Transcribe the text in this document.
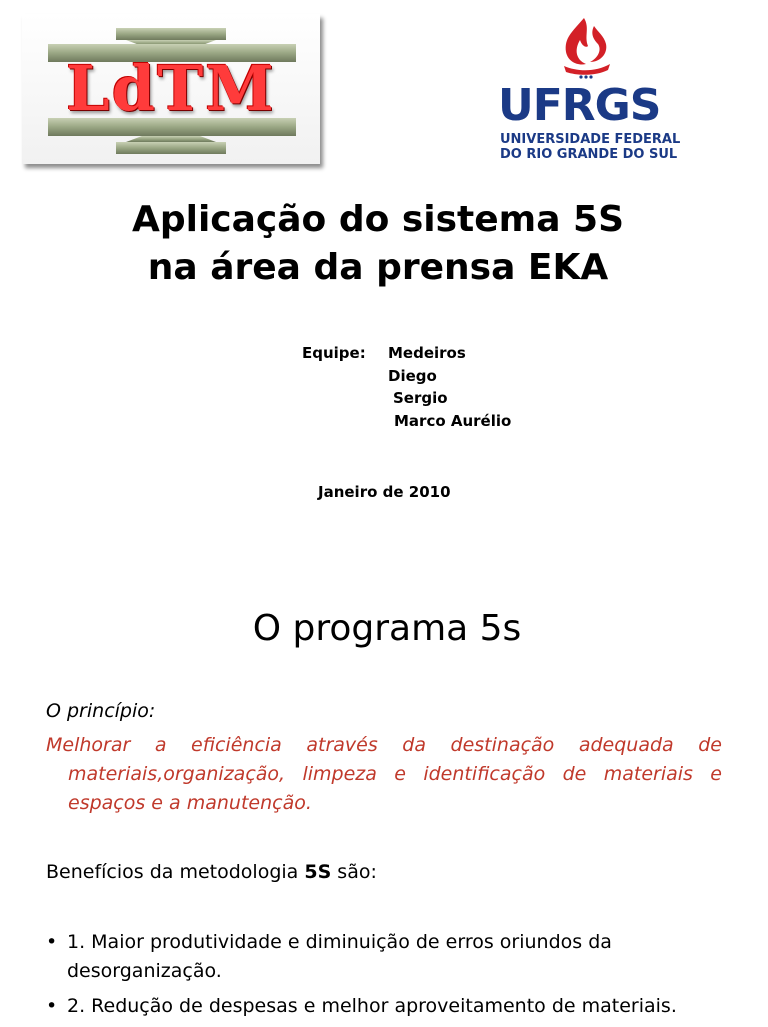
LdTM	UFRGS
UNIVERSIDADE FEDERAL
DO RIO GRANDE DO SUL
Aplicação do sistema 5S
na área da prensa EKA
Equipe: Medeiros
Diego
Sergio
Marco Aurélio
Janeiro de 2010
O programa 5s
O princípio:
Melhorar a eficiência através da destinação adequada de materiais,organização, limpeza e identificação de materiais e espaços e a manutenção.
Benefícios da metodologia 5S são:
• 1. Maior produtividade e diminuição de erros oriundos da desorganização.
• 2. Redução de despesas e melhor aproveitamento de materiais.
